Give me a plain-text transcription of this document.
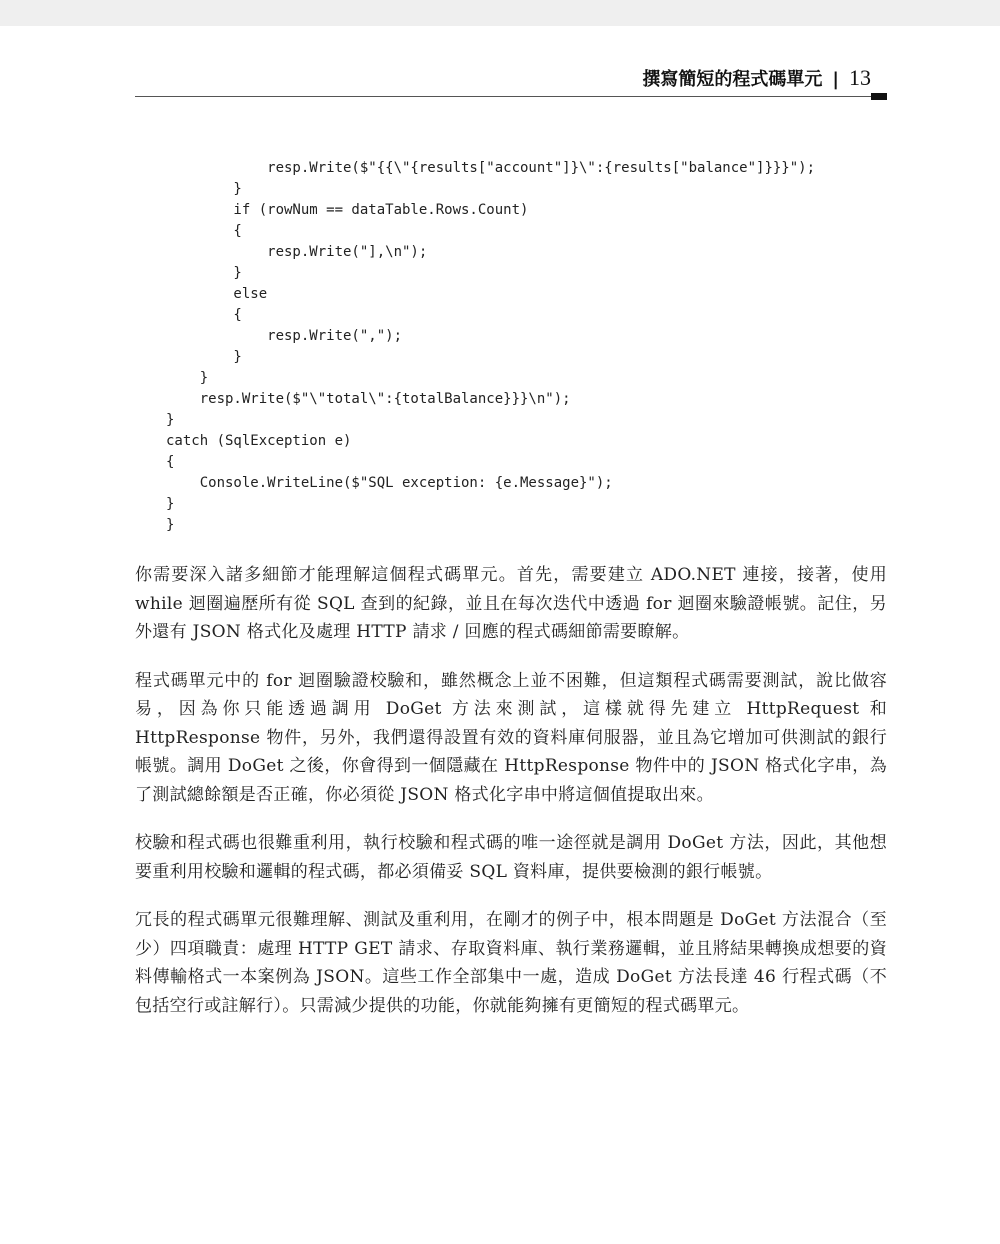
撰寫簡短的程式碼單元 | 13
resp.Write($"{{\"{results["account"]}\":{results["balance"]}}}");
}
if (rowNum == dataTable.Rows.Count)
{
resp.Write("],\n");
}
else
{
resp.Write(",");
}
}
resp.Write($"\"total\":{totalBalance}}}\n");
}
catch (SqlException e)
{
Console.WriteLine($"SQL exception: {e.Message}");
}
}

你需要深入諸多細節才能理解這個程式碼單元。首先，需要建立 ADO.NET 連接，接著，使用 while 迴圈遍歷所有從 SQL 查到的紀錄，並且在每次迭代中透過 for 迴圈來驗證帳號。記住，另外還有 JSON 格式化及處理 HTTP 請求 / 回應的程式碼細節需要瞭解。

程式碼單元中的 for 迴圈驗證校驗和，雖然概念上並不困難，但這類程式碼需要測試，說比做容易，因為你只能透過調用 DoGet 方法來測試，這樣就得先建立 HttpRequest 和 HttpResponse 物件，另外，我們還得設置有效的資料庫伺服器，並且為它增加可供測試的銀行帳號。調用 DoGet 之後，你會得到一個隱藏在 HttpResponse 物件中的 JSON 格式化字串，為了測試總餘額是否正確，你必須從 JSON 格式化字串中將這個值提取出來。

校驗和程式碼也很難重利用，執行校驗和程式碼的唯一途徑就是調用 DoGet 方法，因此，其他想要重利用校驗和邏輯的程式碼，都必須備妥 SQL 資料庫，提供要檢測的銀行帳號。

冗長的程式碼單元很難理解、測試及重利用，在剛才的例子中，根本問題是 DoGet 方法混合（至少）四項職責：處理 HTTP GET 請求、存取資料庫、執行業務邏輯，並且將結果轉換成想要的資料傳輸格式一本案例為 JSON。這些工作全部集中一處，造成 DoGet 方法長達 46 行程式碼（不包括空行或註解行）。只需減少提供的功能，你就能夠擁有更簡短的程式碼單元。
